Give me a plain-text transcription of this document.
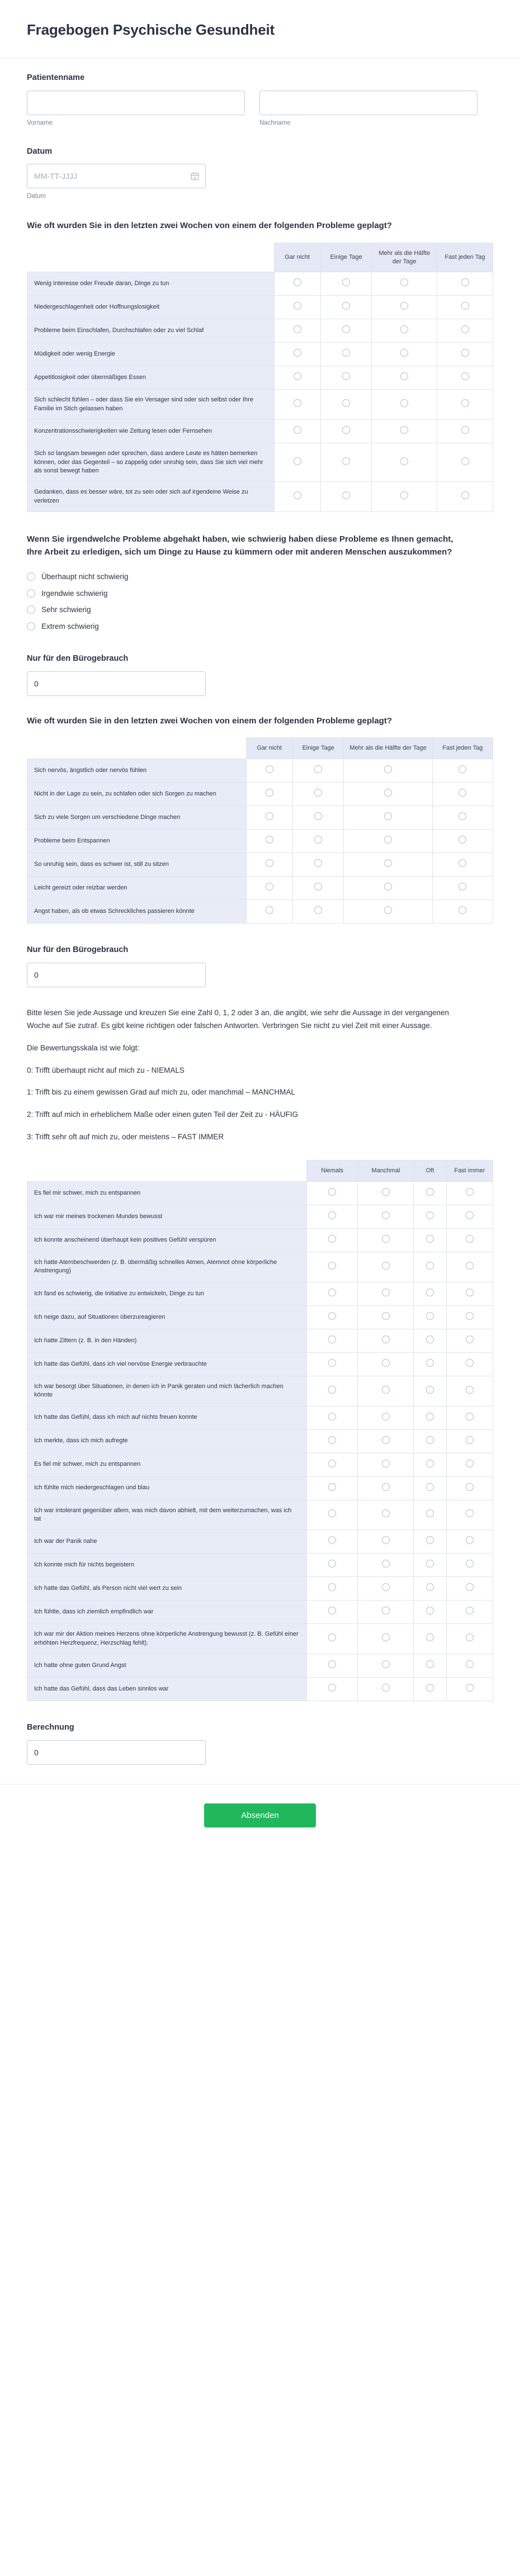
Fragebogen Psychische Gesundheit
Patientenname
Vorname	Nachname
Datum
MM-TT-JJJJ
Datum
Wie oft wurden Sie in den letzten zwei Wochen von einem der folgenden Probleme geplagt?
	Gar nicht	Einige Tage	Mehr als die Hälfte der Tage	Fast jeden Tag
Wenig Interesse oder Freude daran, Dinge zu tun				
Niedergeschlagenheit oder Hoffnungslosigkeit				
Probleme beim Einschlafen, Durchschlafen oder zu viel Schlaf				
Müdigkeit oder wenig Energie				
Appetitlosigkeit oder übermäßiges Essen				
Sich schlecht fühlen – oder dass Sie ein Versager sind oder sich selbst oder Ihre Familie im Stich gelassen haben				
Konzentrationsschwierigkeiten wie Zeitung lesen oder Fernsehen				
Sich so langsam bewegen oder sprechen, dass andere Leute es hätten bemerken können, oder das Gegenteil – so zappelig oder unruhig sein, dass Sie sich viel mehr als sonst bewegt haben				
Gedanken, dass es besser wäre, tot zu sein oder sich auf irgendeine Weise zu verletzen				
Wenn Sie irgendwelche Probleme abgehakt haben, wie schwierig haben diese Probleme es Ihnen gemacht, Ihre Arbeit zu erledigen, sich um Dinge zu Hause zu kümmern oder mit anderen Menschen auszukommen?
Überhaupt nicht schwierig
Irgendwie schwierig
Sehr schwierig
Extrem schwierig
Nur für den Bürogebrauch
0
Wie oft wurden Sie in den letzten zwei Wochen von einem der folgenden Probleme geplagt?
	Gar nicht	Einige Tage	Mehr als die Hälfte der Tage	Fast jeden Tag
Sich nervös, ängstlich oder nervös fühlen				
Nicht in der Lage zu sein, zu schlafen oder sich Sorgen zu machen				
Sich zu viele Sorgen um verschiedene Dinge machen				
Probleme beim Entspannen				
So unruhig sein, dass es schwer ist, still zu sitzen				
Leicht gereizt oder reizbar werden				
Angst haben, als ob etwas Schreckliches passieren könnte				
Nur für den Bürogebrauch
0

Bitte lesen Sie jede Aussage und kreuzen Sie eine Zahl 0, 1, 2 oder 3 an, die angibt, wie sehr die Aussage in der vergangenen Woche auf Sie zutraf. Es gibt keine richtigen oder falschen Antworten. Verbringen Sie nicht zu viel Zeit mit einer Aussage.

Die Bewertungsskala ist wie folgt:

0: Trifft überhaupt nicht auf mich zu - NIEMALS

1: Trifft bis zu einem gewissen Grad auf mich zu, oder manchmal – MANCHMAL

2: Trifft auf mich in erheblichem Maße oder einen guten Teil der Zeit zu - HÄUFIG

3: Trifft sehr oft auf mich zu, oder meistens – FAST IMMER

	Niemals	Manchmal	Oft	Fast immer
Es fiel mir schwer, mich zu entspannen				
Ich war mir meines trockenen Mundes bewusst				
Ich konnte anscheinend überhaupt kein positives Gefühl verspüren				
Ich hatte Atembeschwerden (z. B. übermäßig schnelles Atmen, Atemnot ohne körperliche Anstrengung)				
Ich fand es schwierig, die Initiative zu entwickeln, Dinge zu tun				
Ich neige dazu, auf Situationen überzureagieren				
Ich hatte Zittern (z. B. in den Händen)				
Ich hatte das Gefühl, dass ich viel nervöse Energie verbrauchte				
Ich war besorgt über Situationen, in denen ich in Panik geraten und mich lächerlich machen könnte				
Ich hatte das Gefühl, dass ich mich auf nichts freuen konnte				
Ich merkte, dass ich mich aufregte				
Es fiel mir schwer, mich zu entspannen				
Ich fühlte mich niedergeschlagen und blau				
Ich war intolerant gegenüber allem, was mich davon abhielt, mit dem weiterzumachen, was ich tat				
Ich war der Panik nahe				
Ich konnte mich für nichts begeistern				
Ich hatte das Gefühl, als Person nicht viel wert zu sein				
Ich fühlte, dass ich ziemlich empfindlich war				
Ich war mir der Aktion meines Herzens ohne körperliche Anstrengung bewusst (z. B. Gefühl einer erhöhten Herzfrequenz, Herzschlag fehlt).				
Ich hatte ohne guten Grund Angst				
Ich hatte das Gefühl, dass das Leben sinnlos war				
Berechnung
0
Absenden
